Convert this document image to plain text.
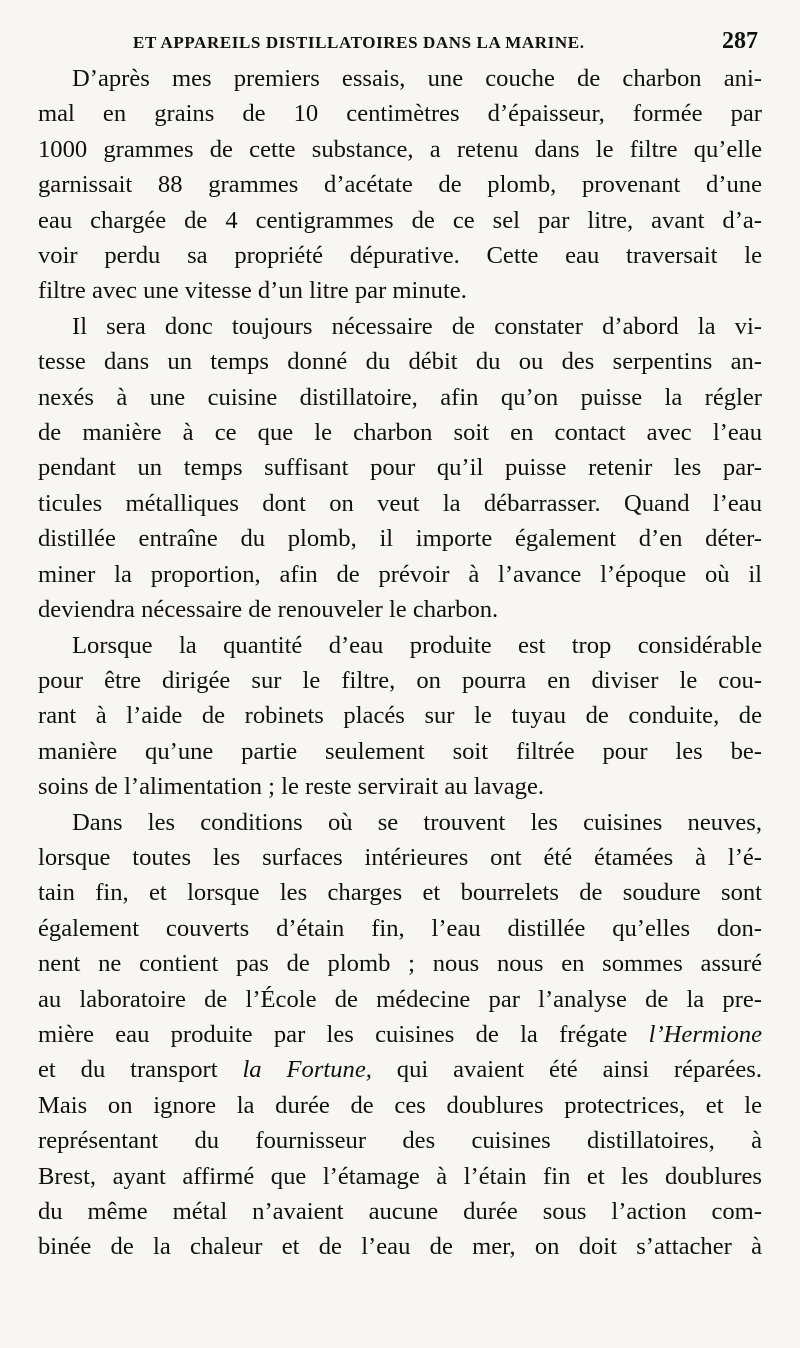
ET APPAREILS DISTILLATOIRES DANS LA MARINE.	287
D’après mes premiers essais, une couche de charbon ani-
mal en grains de 10 centimètres d’épaisseur, formée par
1000 grammes de cette substance, a retenu dans le filtre qu’elle
garnissait 88 grammes d’acétate de plomb, provenant d’une
eau chargée de 4 centigrammes de ce sel par litre, avant d’a-
voir perdu sa propriété dépurative. Cette eau traversait le
filtre avec une vitesse d’un litre par minute.
Il sera donc toujours nécessaire de constater d’abord la vi-
tesse dans un temps donné du débit du ou des serpentins an-
nexés à une cuisine distillatoire, afin qu’on puisse la régler
de manière à ce que le charbon soit en contact avec l’eau
pendant un temps suffisant pour qu’il puisse retenir les par-
ticules métalliques dont on veut la débarrasser. Quand l’eau
distillée entraîne du plomb, il importe également d’en déter-
miner la proportion, afin de prévoir à l’avance l’époque où il
deviendra nécessaire de renouveler le charbon.
Lorsque la quantité d’eau produite est trop considérable
pour être dirigée sur le filtre, on pourra en diviser le cou-
rant à l’aide de robinets placés sur le tuyau de conduite, de
manière qu’une partie seulement soit filtrée pour les be-
soins de l’alimentation ; le reste servirait au lavage.
Dans les conditions où se trouvent les cuisines neuves,
lorsque toutes les surfaces intérieures ont été étamées à l’é-
tain fin, et lorsque les charges et bourrelets de soudure sont
également couverts d’étain fin, l’eau distillée qu’elles don-
nent ne contient pas de plomb ; nous nous en sommes assuré
au laboratoire de l’École de médecine par l’analyse de la pre-
mière eau produite par les cuisines de la frégate l’Hermione
et du transport la Fortune, qui avaient été ainsi réparées.
Mais on ignore la durée de ces doublures protectrices, et le
représentant du fournisseur des cuisines distillatoires, à
Brest, ayant affirmé que l’étamage à l’étain fin et les doublures
du même métal n’avaient aucune durée sous l’action com-
binée de la chaleur et de l’eau de mer, on doit s’attacher à
